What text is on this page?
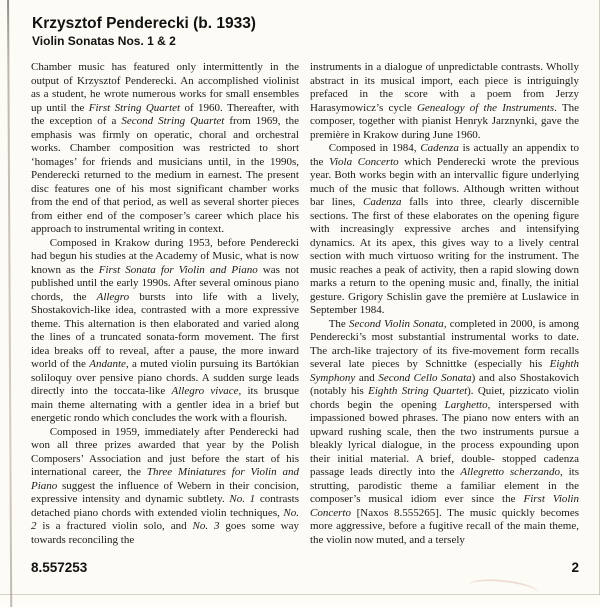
Krzysztof Penderecki (b. 1933)
Violin Sonatas Nos. 1 & 2

Chamber music has featured only intermittently in the output of Krzysztof Penderecki. An accomplished violinist as a student, he wrote numerous works for small ensembles up until the First String Quartet of 1960. Thereafter, with the exception of a Second String Quartet from 1969, the emphasis was firmly on operatic, choral and orchestral works. Chamber composition was restricted to short ‘homages’ for friends and musicians until, in the 1990s, Penderecki returned to the medium in earnest. The present disc features one of his most significant chamber works from the end of that period, as well as several shorter pieces from either end of the composer’s career which place his approach to instrumental writing in context.

Composed in Krakow during 1953, before Penderecki had begun his studies at the Academy of Music, what is now known as the First Sonata for Violin and Piano was not published until the early 1990s. After several ominous piano chords, the Allegro bursts into life with a lively, Shostakovich-like idea, contrasted with a more expressive theme. This alternation is then elaborated and varied along the lines of a truncated sonata-form movement. The first idea breaks off to reveal, after a pause, the more inward world of the Andante, a muted violin pursuing its Bartókian soliloquy over pensive piano chords. A sudden surge leads directly into the toccata-like Allegro vivace, its brusque main theme alternating with a gentler idea in a brief but energetic rondo which concludes the work with a flourish.

Composed in 1959, immediately after Penderecki had won all three prizes awarded that year by the Polish Composers’ Association and just before the start of his international career, the Three Miniatures for Violin and Piano suggest the influence of Webern in their concision, expressive intensity and dynamic subtlety. No. 1 contrasts detached piano chords with extended violin techniques, No. 2 is a fractured violin solo, and No. 3 goes some way towards reconciling the

instruments in a dialogue of unpredictable contrasts. Wholly abstract in its musical import, each piece is intriguingly prefaced in the score with a poem from Jerzy Harasymowicz’s cycle Genealogy of the Instruments. The composer, together with pianist Henryk Jarznynki, gave the première in Krakow during June 1960.

Composed in 1984, Cadenza is actually an appendix to the Viola Concerto which Penderecki wrote the previous year. Both works begin with an intervallic figure underlying much of the music that follows. Although written without bar lines, Cadenza falls into three, clearly discernible sections. The first of these elaborates on the opening figure with increasingly expressive arches and intensifying dynamics. At its apex, this gives way to a lively central section with much virtuoso writing for the instrument. The music reaches a peak of activity, then a rapid slowing down marks a return to the opening music and, finally, the initial gesture. Grigory Schislin gave the première at Luslawice in September 1984.

The Second Violin Sonata, completed in 2000, is among Penderecki’s most substantial instrumental works to date. The arch-like trajectory of its five-movement form recalls several late pieces by Schnittke (especially his Eighth Symphony and Second Cello Sonata) and also Shostakovich (notably his Eighth String Quartet). Quiet, pizzicato violin chords begin the opening Larghetto, interspersed with impassioned bowed phrases. The piano now enters with an upward rushing scale, then the two instruments pursue a bleakly lyrical dialogue, in the process expounding upon their initial material. A brief, double- stopped cadenza passage leads directly into the Allegretto scherzando, its strutting, parodistic theme a familiar element in the composer’s musical idiom ever since the First Violin Concerto [Naxos 8.555265]. The music quickly becomes more aggressive, before a fugitive recall of the main theme, the violin now muted, and a tersely

8.557253	2
